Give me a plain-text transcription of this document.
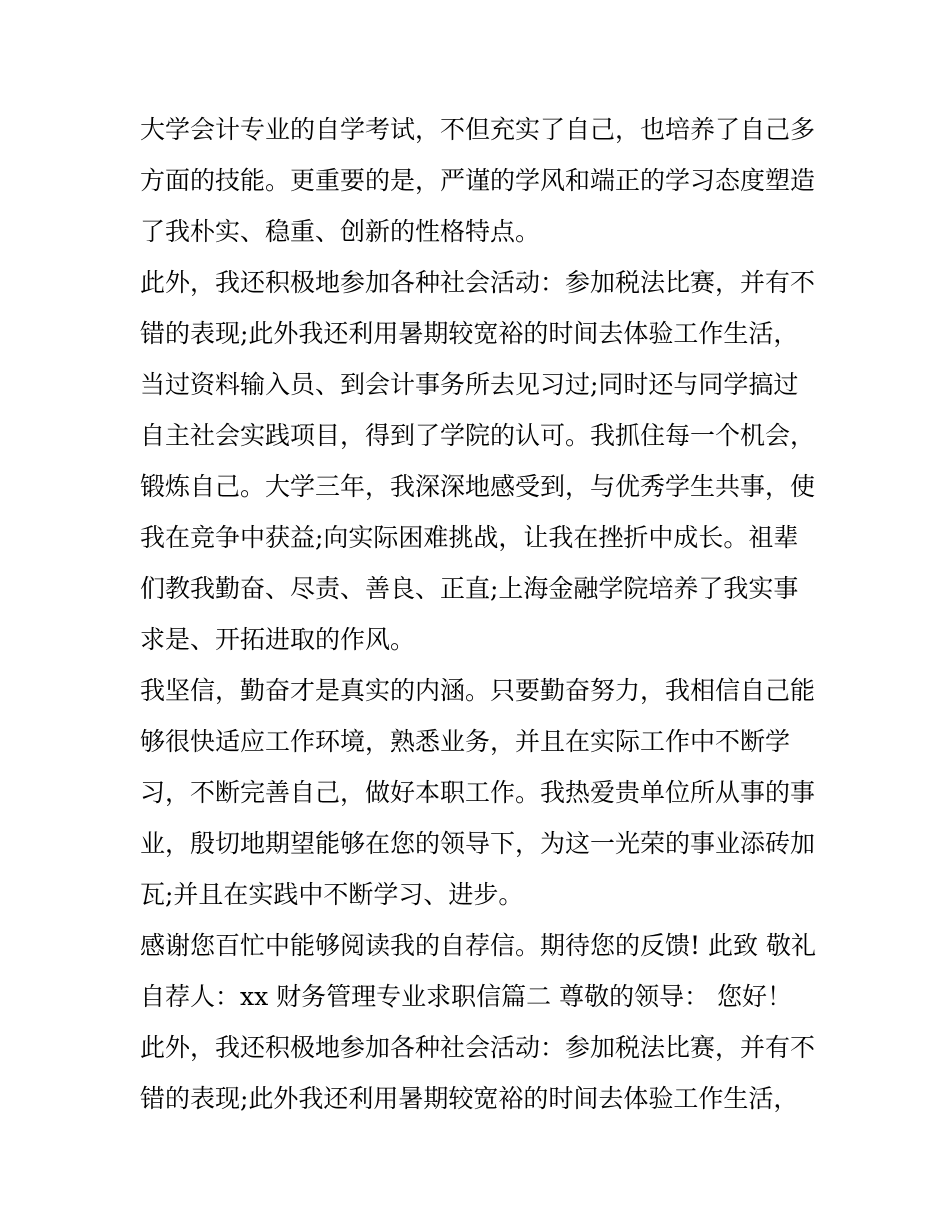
大学会计专业的自学考试，不但充实了自己，也培养了自己多
方面的技能。更重要的是，严谨的学风和端正的学习态度塑造
了我朴实、稳重、创新的性格特点。
此外，我还积极地参加各种社会活动：参加税法比赛，并有不
错的表现;此外我还利用暑期较宽裕的时间去体验工作生活，
当过资料输入员、到会计事务所去见习过;同时还与同学搞过
自主社会实践项目，得到了学院的认可。我抓住每一个机会，
锻炼自己。大学三年，我深深地感受到，与优秀学生共事，使
我在竞争中获益;向实际困难挑战，让我在挫折中成长。祖辈
们教我勤奋、尽责、善良、正直;上海金融学院培养了我实事
求是、开拓进取的作风。
我坚信，勤奋才是真实的内涵。只要勤奋努力，我相信自己能
够很快适应工作环境，熟悉业务，并且在实际工作中不断学
习，不断完善自己，做好本职工作。我热爱贵单位所从事的事
业，殷切地期望能够在您的领导下，为这一光荣的事业添砖加
瓦;并且在实践中不断学习、进步。
感谢您百忙中能够阅读我的自荐信。期待您的反馈! 此致 敬礼
自荐人：xx 财务管理专业求职信篇二 尊敬的领导： 您好！
此外，我还积极地参加各种社会活动：参加税法比赛，并有不
错的表现;此外我还利用暑期较宽裕的时间去体验工作生活，
